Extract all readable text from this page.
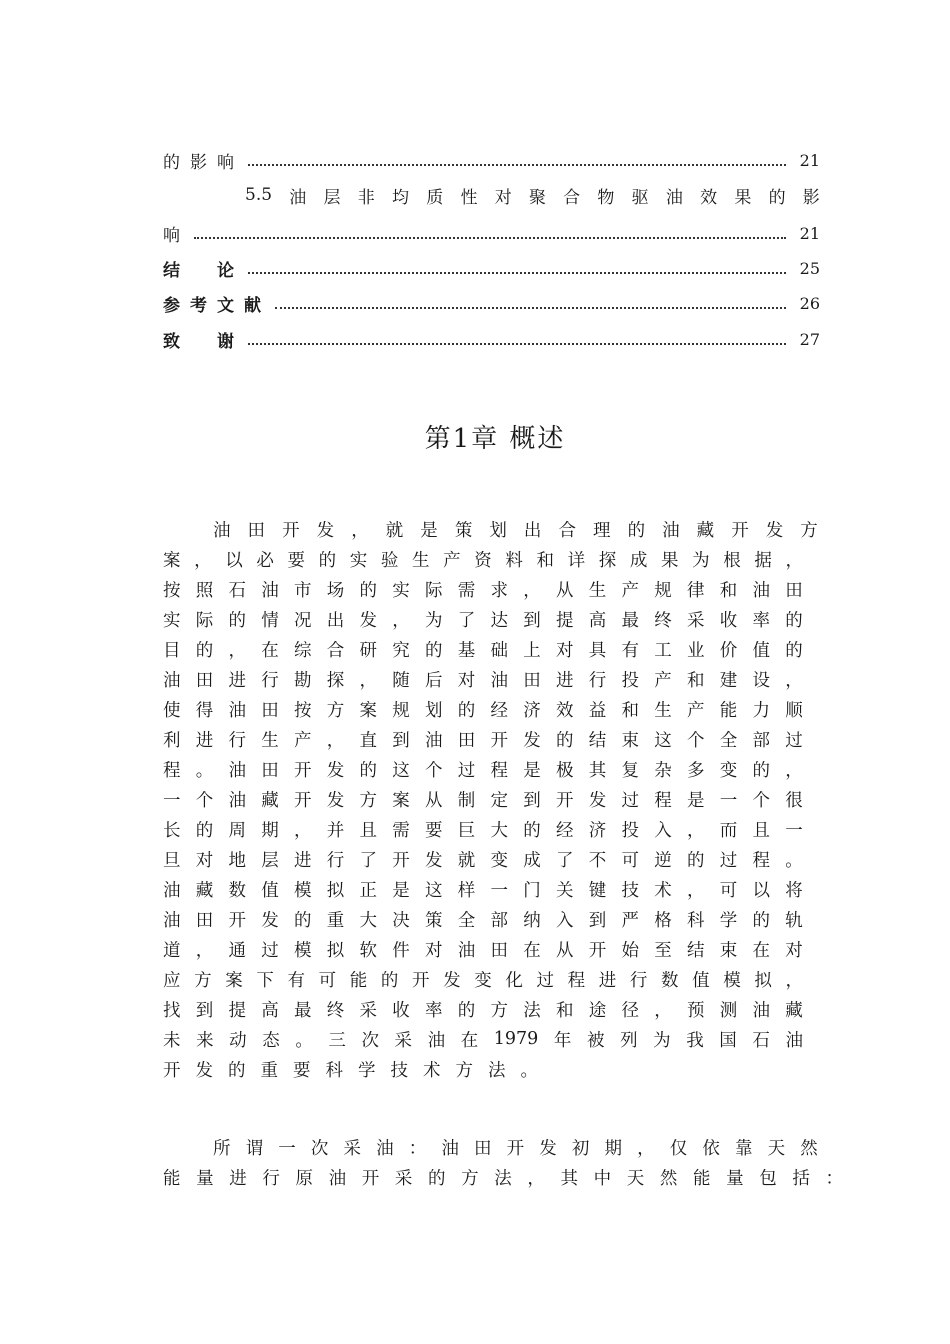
的影响	21
5.5 油 层 非 均 质 性 对 聚 合 物 驱 油 效 果 的 影
响	21
结　论	25
参考文献	26
致　谢	27
第1章 概述
油 田 开 发 ， 就 是 策 划 出 合 理 的 油 藏 开 发 方
案 ， 以 必 要 的 实 验 生 产 资 料 和 详 探 成 果 为 根 据 ，
按 照 石 油 市 场 的 实 际 需 求 ， 从 生 产 规 律 和 油 田
实 际 的 情 况 出 发 ， 为 了 达 到 提 高 最 终 采 收 率 的
目 的 ， 在 综 合 研 究 的 基 础 上 对 具 有 工 业 价 值 的
油 田 进 行 勘 探 ， 随 后 对 油 田 进 行 投 产 和 建 设 ，
使 得 油 田 按 方 案 规 划 的 经 济 效 益 和 生 产 能 力 顺
利 进 行 生 产 ， 直 到 油 田 开 发 的 结 束 这 个 全 部 过
程 。 油 田 开 发 的 这 个 过 程 是 极 其 复 杂 多 变 的 ，
一 个 油 藏 开 发 方 案 从 制 定 到 开 发 过 程 是 一 个 很
长 的 周 期 ， 并 且 需 要 巨 大 的 经 济 投 入 ， 而 且 一
旦 对 地 层 进 行 了 开 发 就 变 成 了 不 可 逆 的 过 程 。
油 藏 数 值 模 拟 正 是 这 样 一 门 关 键 技 术 ， 可 以 将
油 田 开 发 的 重 大 决 策 全 部 纳 入 到 严 格 科 学 的 轨
道 ， 通 过 模 拟 软 件 对 油 田 在 从 开 始 至 结 束 在 对
应 方 案 下 有 可 能 的 开 发 变 化 过 程 进 行 数 值 模 拟 ，
找 到 提 高 最 终 采 收 率 的 方 法 和 途 径 ， 预 测 油 藏
未 来 动 态 。 三 次 采 油 在 1979 年 被 列 为 我 国 石 油
开 发 的 重 要 科 学 技 术 方 法 。
所 谓 一 次 采 油 ： 油 田 开 发 初 期 ， 仅 依 靠 天 然
能 量 进 行 原 油 开 采 的 方 法 ， 其 中 天 然 能 量 包 括 ：
